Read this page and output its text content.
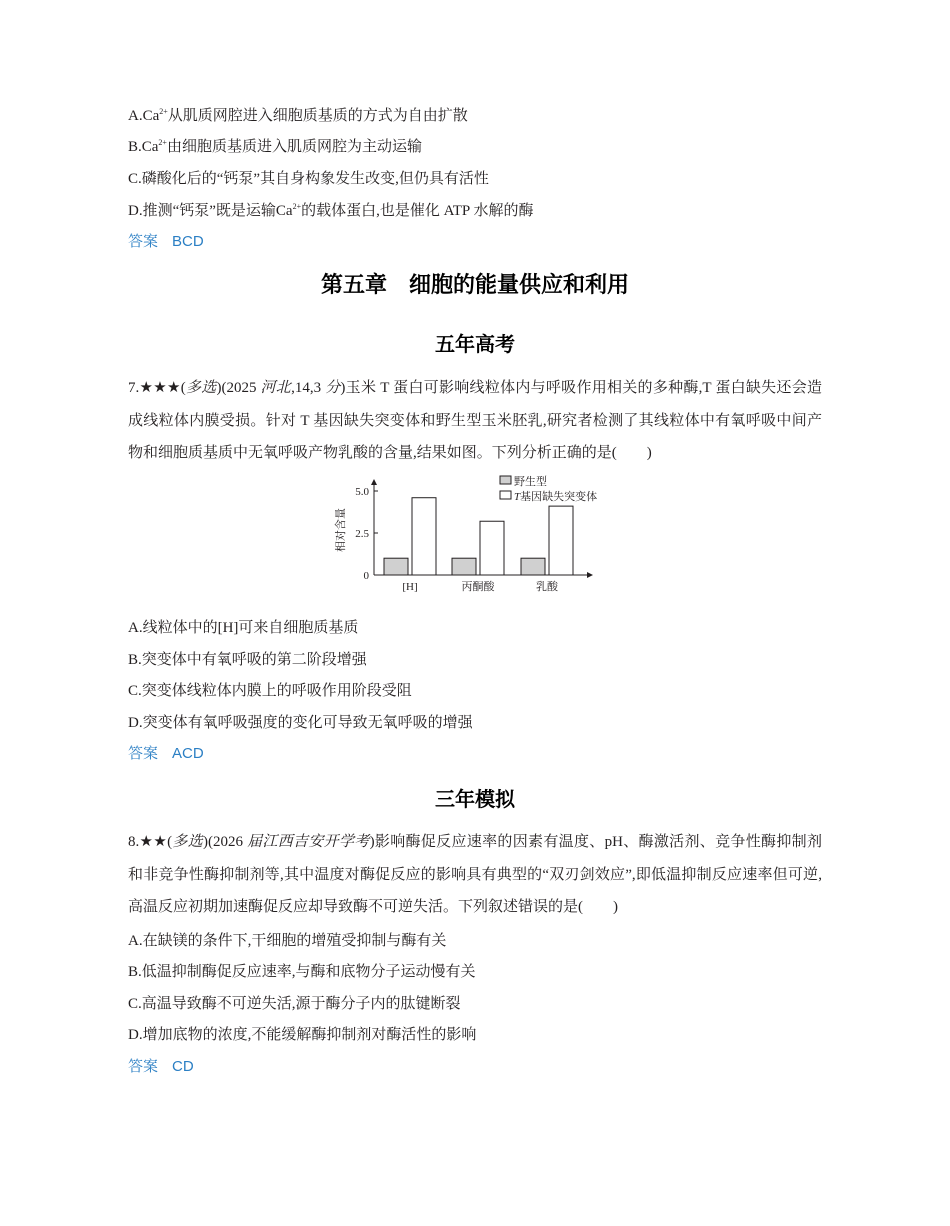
$A.Ca^{2+}$从肌质网腔进入细胞质基质的方式为自由扩散
$B.Ca^{2+}$由细胞质基质进入肌质网腔为主动运输
C.磷酸化后的“钙泵”其自身构象发生改变,但仍具有活性
D.推测“钙泵”既是运输$Ca^{2+}$的载体蛋白,也是催化 ATP 水解的酶
答案 BCD
第五章　细胞的能量供应和利用
五年高考
7.★★★(多选)(2025 河北,14,3 分)玉米 T 蛋白可影响线粒体内与呼吸作用相关的多种酶,T 蛋白缺失还会造成线粒体内膜受损。针对 T 基因缺失突变体和野生型玉米胚乳,研究者检测了其线粒体中有氧呼吸中间产物和细胞质基质中无氧呼吸产物乳酸的含量,结果如图。下列分析正确的是(　　)
0
2.5
5.0
相对含量
[H]	丙酮酸	乳酸
野生型
T基因缺失突变体
A.线粒体中的[H]可来自细胞质基质
B.突变体中有氧呼吸的第二阶段增强
C.突变体线粒体内膜上的呼吸作用阶段受阻
D.突变体有氧呼吸强度的变化可导致无氧呼吸的增强
答案 ACD
三年模拟
8.★★(多选)(2026 届江西吉安开学考)影响酶促反应速率的因素有温度、pH、酶激活剂、竞争性酶抑制剂和非竞争性酶抑制剂等,其中温度对酶促反应的影响具有典型的“双刃剑效应”,即低温抑制反应速率但可逆,高温反应初期加速酶促反应却导致酶不可逆失活。下列叙述错误的是(　　)
A.在缺镁的条件下,干细胞的增殖受抑制与酶有关
B.低温抑制酶促反应速率,与酶和底物分子运动慢有关
C.高温导致酶不可逆失活,源于酶分子内的肽键断裂
D.增加底物的浓度,不能缓解酶抑制剂对酶活性的影响
答案 CD
